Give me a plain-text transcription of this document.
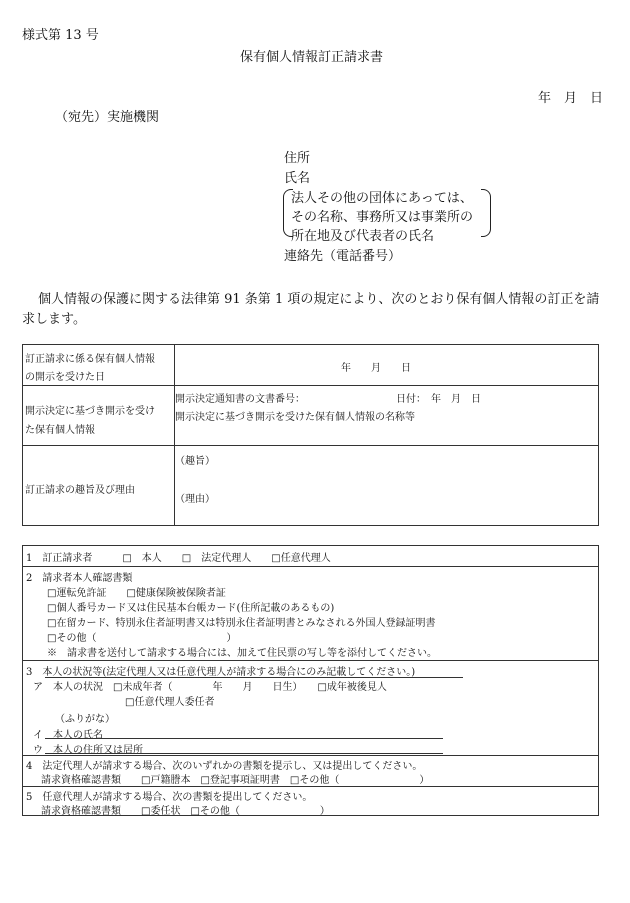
様式第 13 号
保有個人情報訂正請求書
年　月　日
（宛先）実施機関
住所
氏名
法人その他の団体にあっては、
その名称、事務所又は事業所の
所在地及び代表者の氏名
連絡先（電話番号）
個人情報の保護に関する法律第 91 条第 1 項の規定により、次のとおり保有個人情報の訂正を請
求します。
訂正請求に係る保有個人情報
の開示を受けた日
年　　月　　日
開示決定に基づき開示を受け
た保有個人情報
開示決定通知書の文書番号：	日付：　年　月　日
開示決定に基づき開示を受けた保有個人情報の名称等
訂正請求の趣旨及び理由
（趣旨）
（理由）
1　訂正請求者　　　□　本人　　□　法定代理人　　□任意代理人
2　請求者本人確認書類
□運転免許証　　□健康保険被保険者証
□個人番号カード又は住民基本台帳カード(住所記載のあるもの)
□在留カード、特別永住者証明書又は特別永住者証明書とみなされる外国人登録証明書
□その他（　　　　　　　　　　　　　）
※　請求書を送付して請求する場合には、加えて住民票の写し等を添付してください。
3　本人の状況等(法定代理人又は任意代理人が請求する場合にのみ記載してください。)
ア　本人の状況　□未成年者（　　　　年　　月　　日生）　　□成年被後見人
□任意代理人委任者
（ふりがな）
イ　本人の氏名
ウ　本人の住所又は居所
4　法定代理人が請求する場合、次のいずれかの書類を提示し、又は提出してください。
請求資格確認書類　　□戸籍謄本　□登記事項証明書　□その他（　　　　　　　　）
5　任意代理人が請求する場合、次の書類を提出してください。
請求資格確認書類　　□委任状　□その他（　　　　　　　　）
